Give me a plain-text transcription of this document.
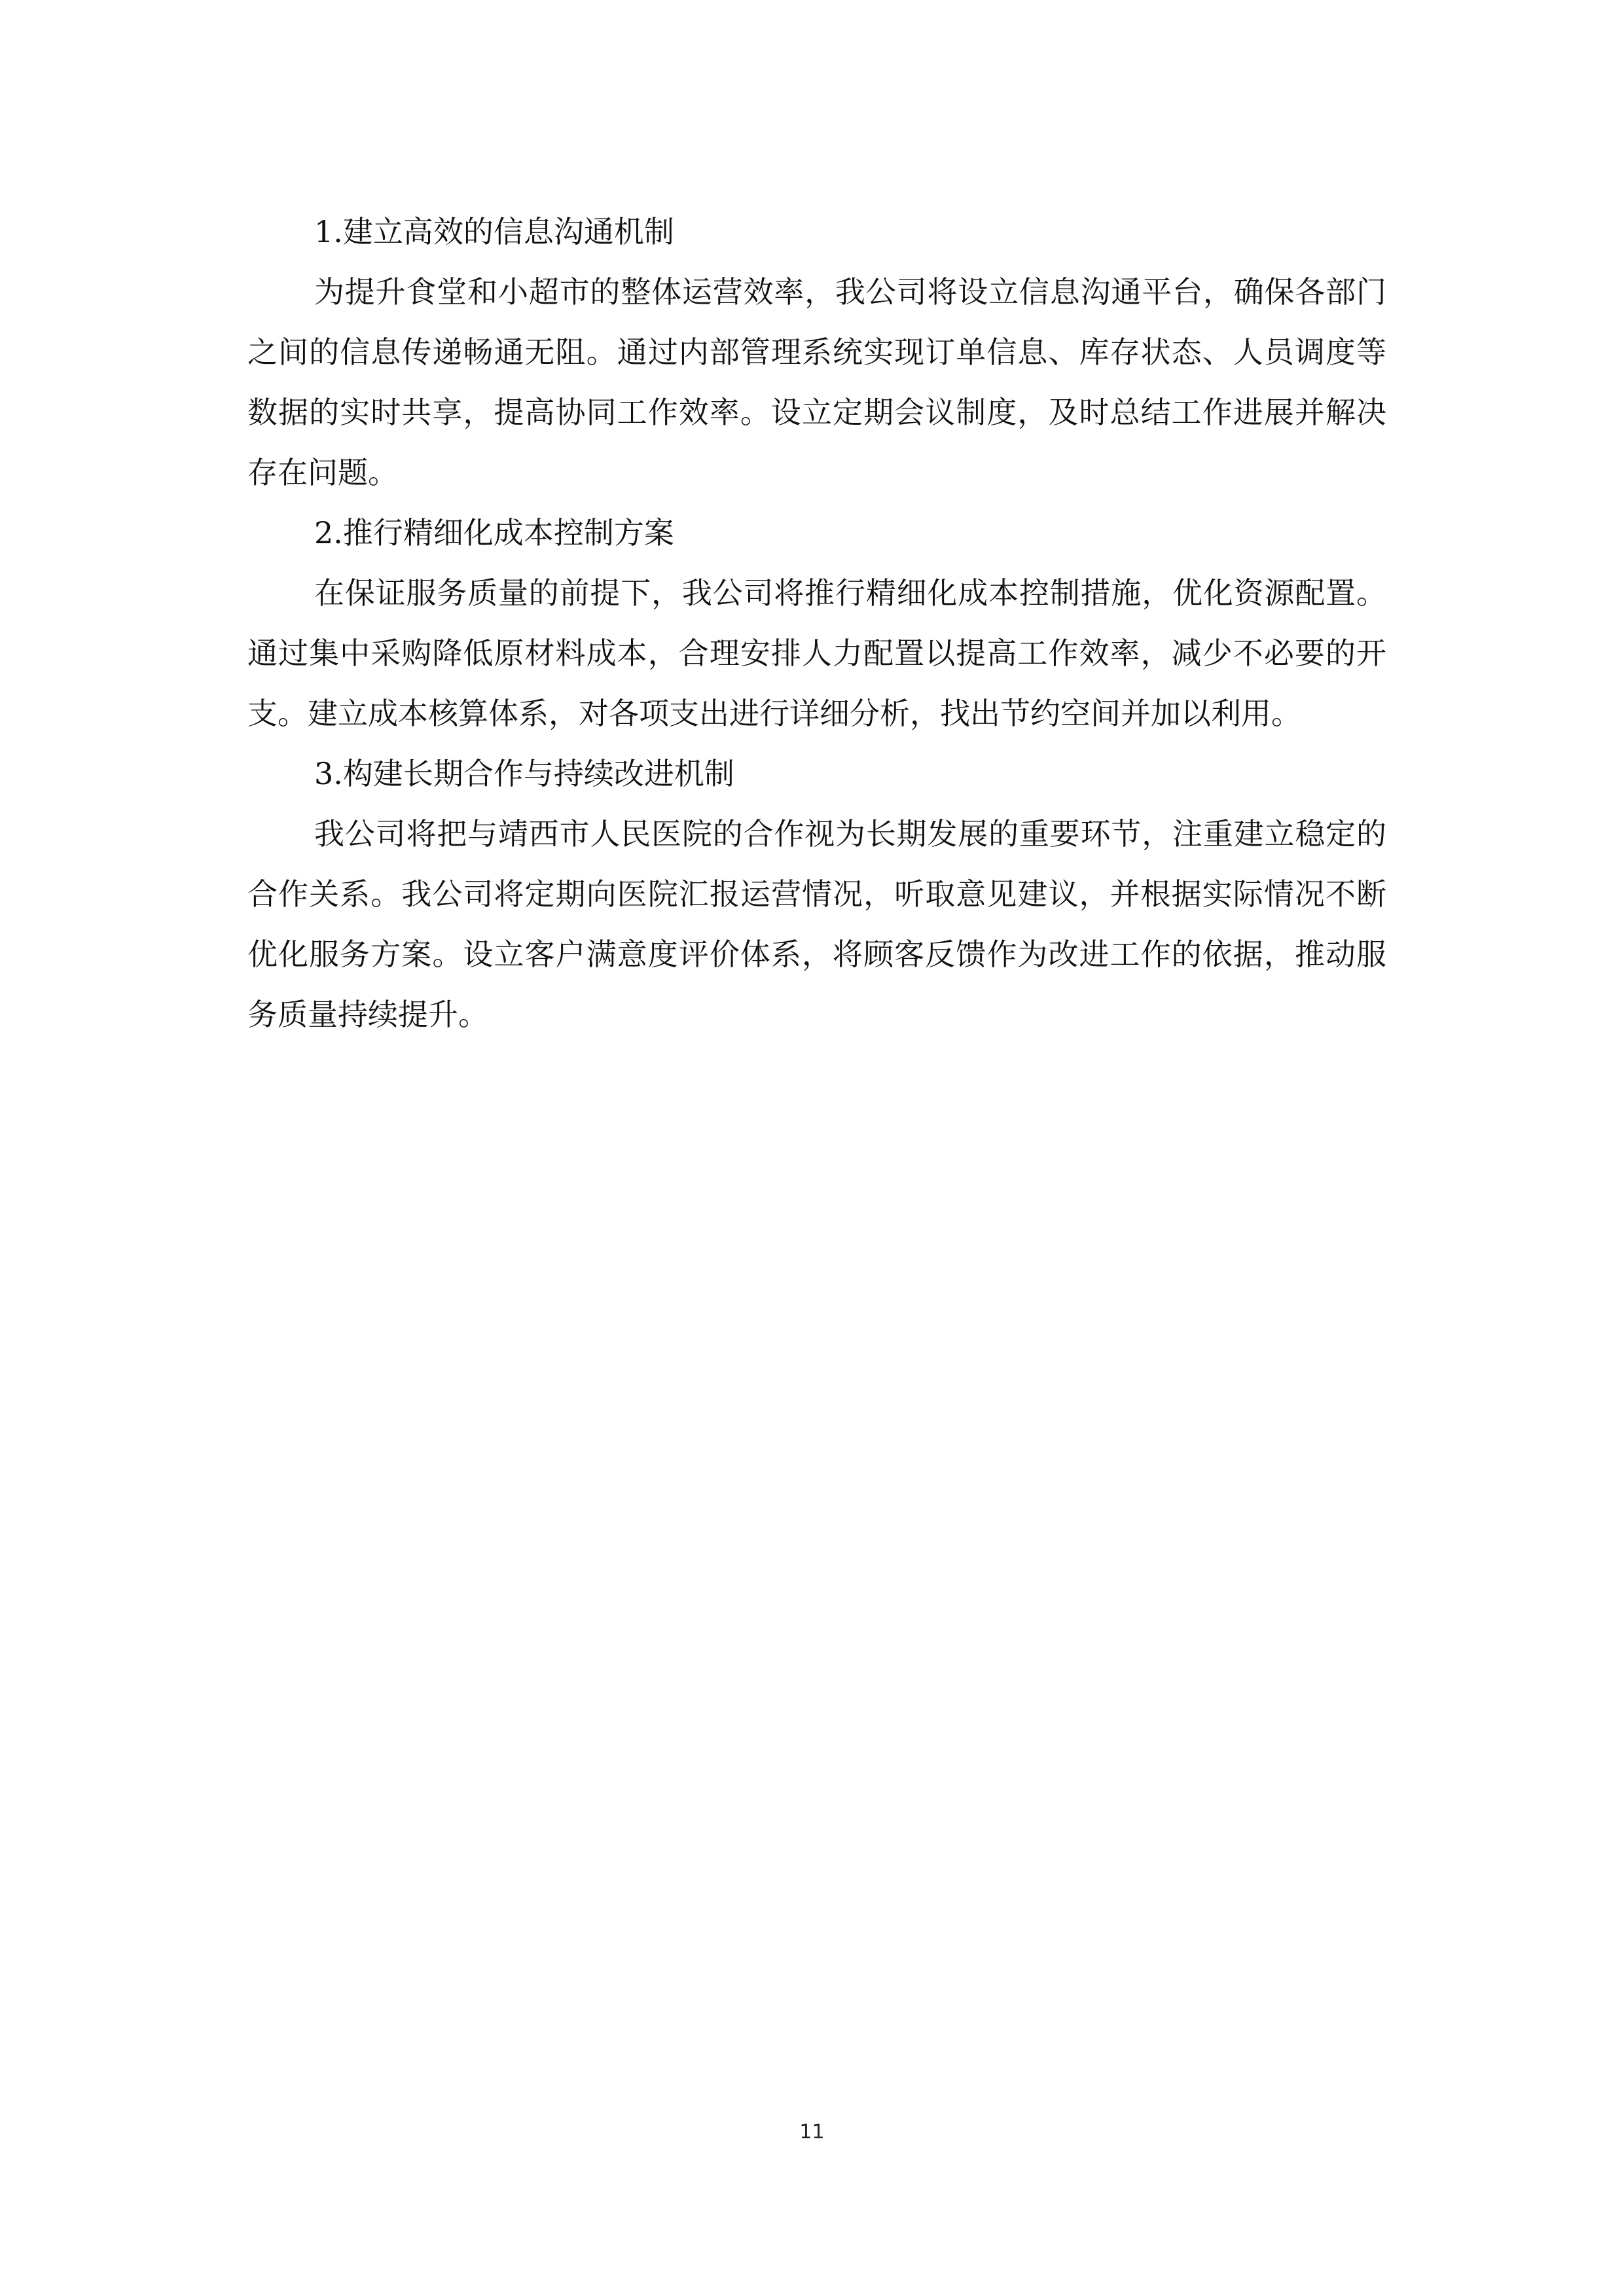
1.建立高效的信息沟通机制

为提升食堂和小超市的整体运营效率，我公司将设立信息沟通平台，确保各部门之间的信息传递畅通无阻。通过内部管理系统实现订单信息、库存状态、人员调度等数据的实时共享，提高协同工作效率。设立定期会议制度，及时总结工作进展并解决存在问题。

2.推行精细化成本控制方案

在保证服务质量的前提下，我公司将推行精细化成本控制措施，优化资源配置。通过集中采购降低原材料成本，合理安排人力配置以提高工作效率，减少不必要的开支。建立成本核算体系，对各项支出进行详细分析，找出节约空间并加以利用。

3.构建长期合作与持续改进机制

我公司将把与靖西市人民医院的合作视为长期发展的重要环节，注重建立稳定的合作关系。我公司将定期向医院汇报运营情况，听取意见建议，并根据实际情况不断优化服务方案。设立客户满意度评价体系，将顾客反馈作为改进工作的依据，推动服务质量持续提升。

11
